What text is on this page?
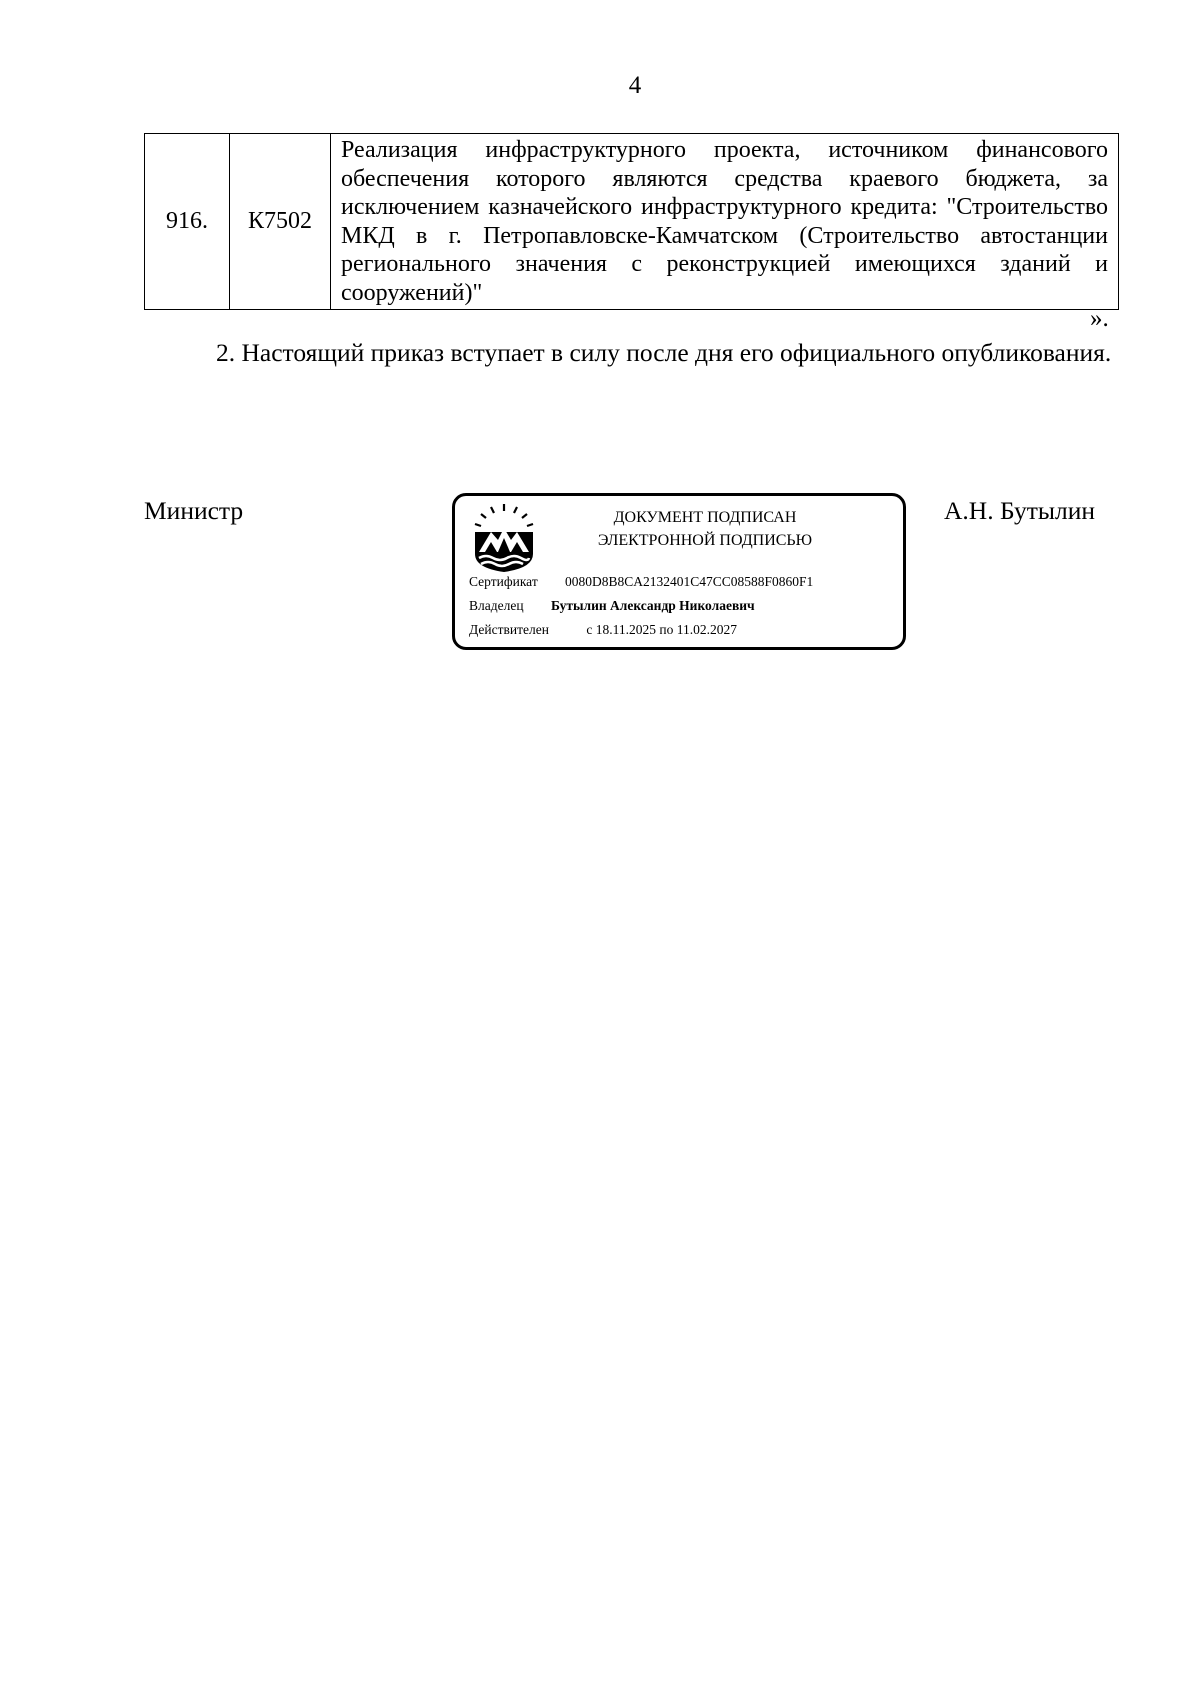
4
916.	К7502	Реализация инфраструктурного проекта, источником финансового обеспечения которого являются средства краевого бюджета, за исключением казначейского инфраструктурного кредита: "Строительство МКД в г. Петропавловске-Камчатском (Строительство автостанции регионального значения с реконструкцией имеющихся зданий и сооружений)"
».
2. Настоящий приказ вступает в силу после дня его официального опубликования.
Министр	ДОКУМЕНТ ПОДПИСАН
ЭЛЕКТРОННОЙ ПОДПИСЬЮ
Сертификат 0080D8B8CA2132401C47CC08588F0860F1
Владелец Бутылин Александр Николаевич
Действителен	с 18.11.2025 по 11.02.2027
А.Н. Бутылин
